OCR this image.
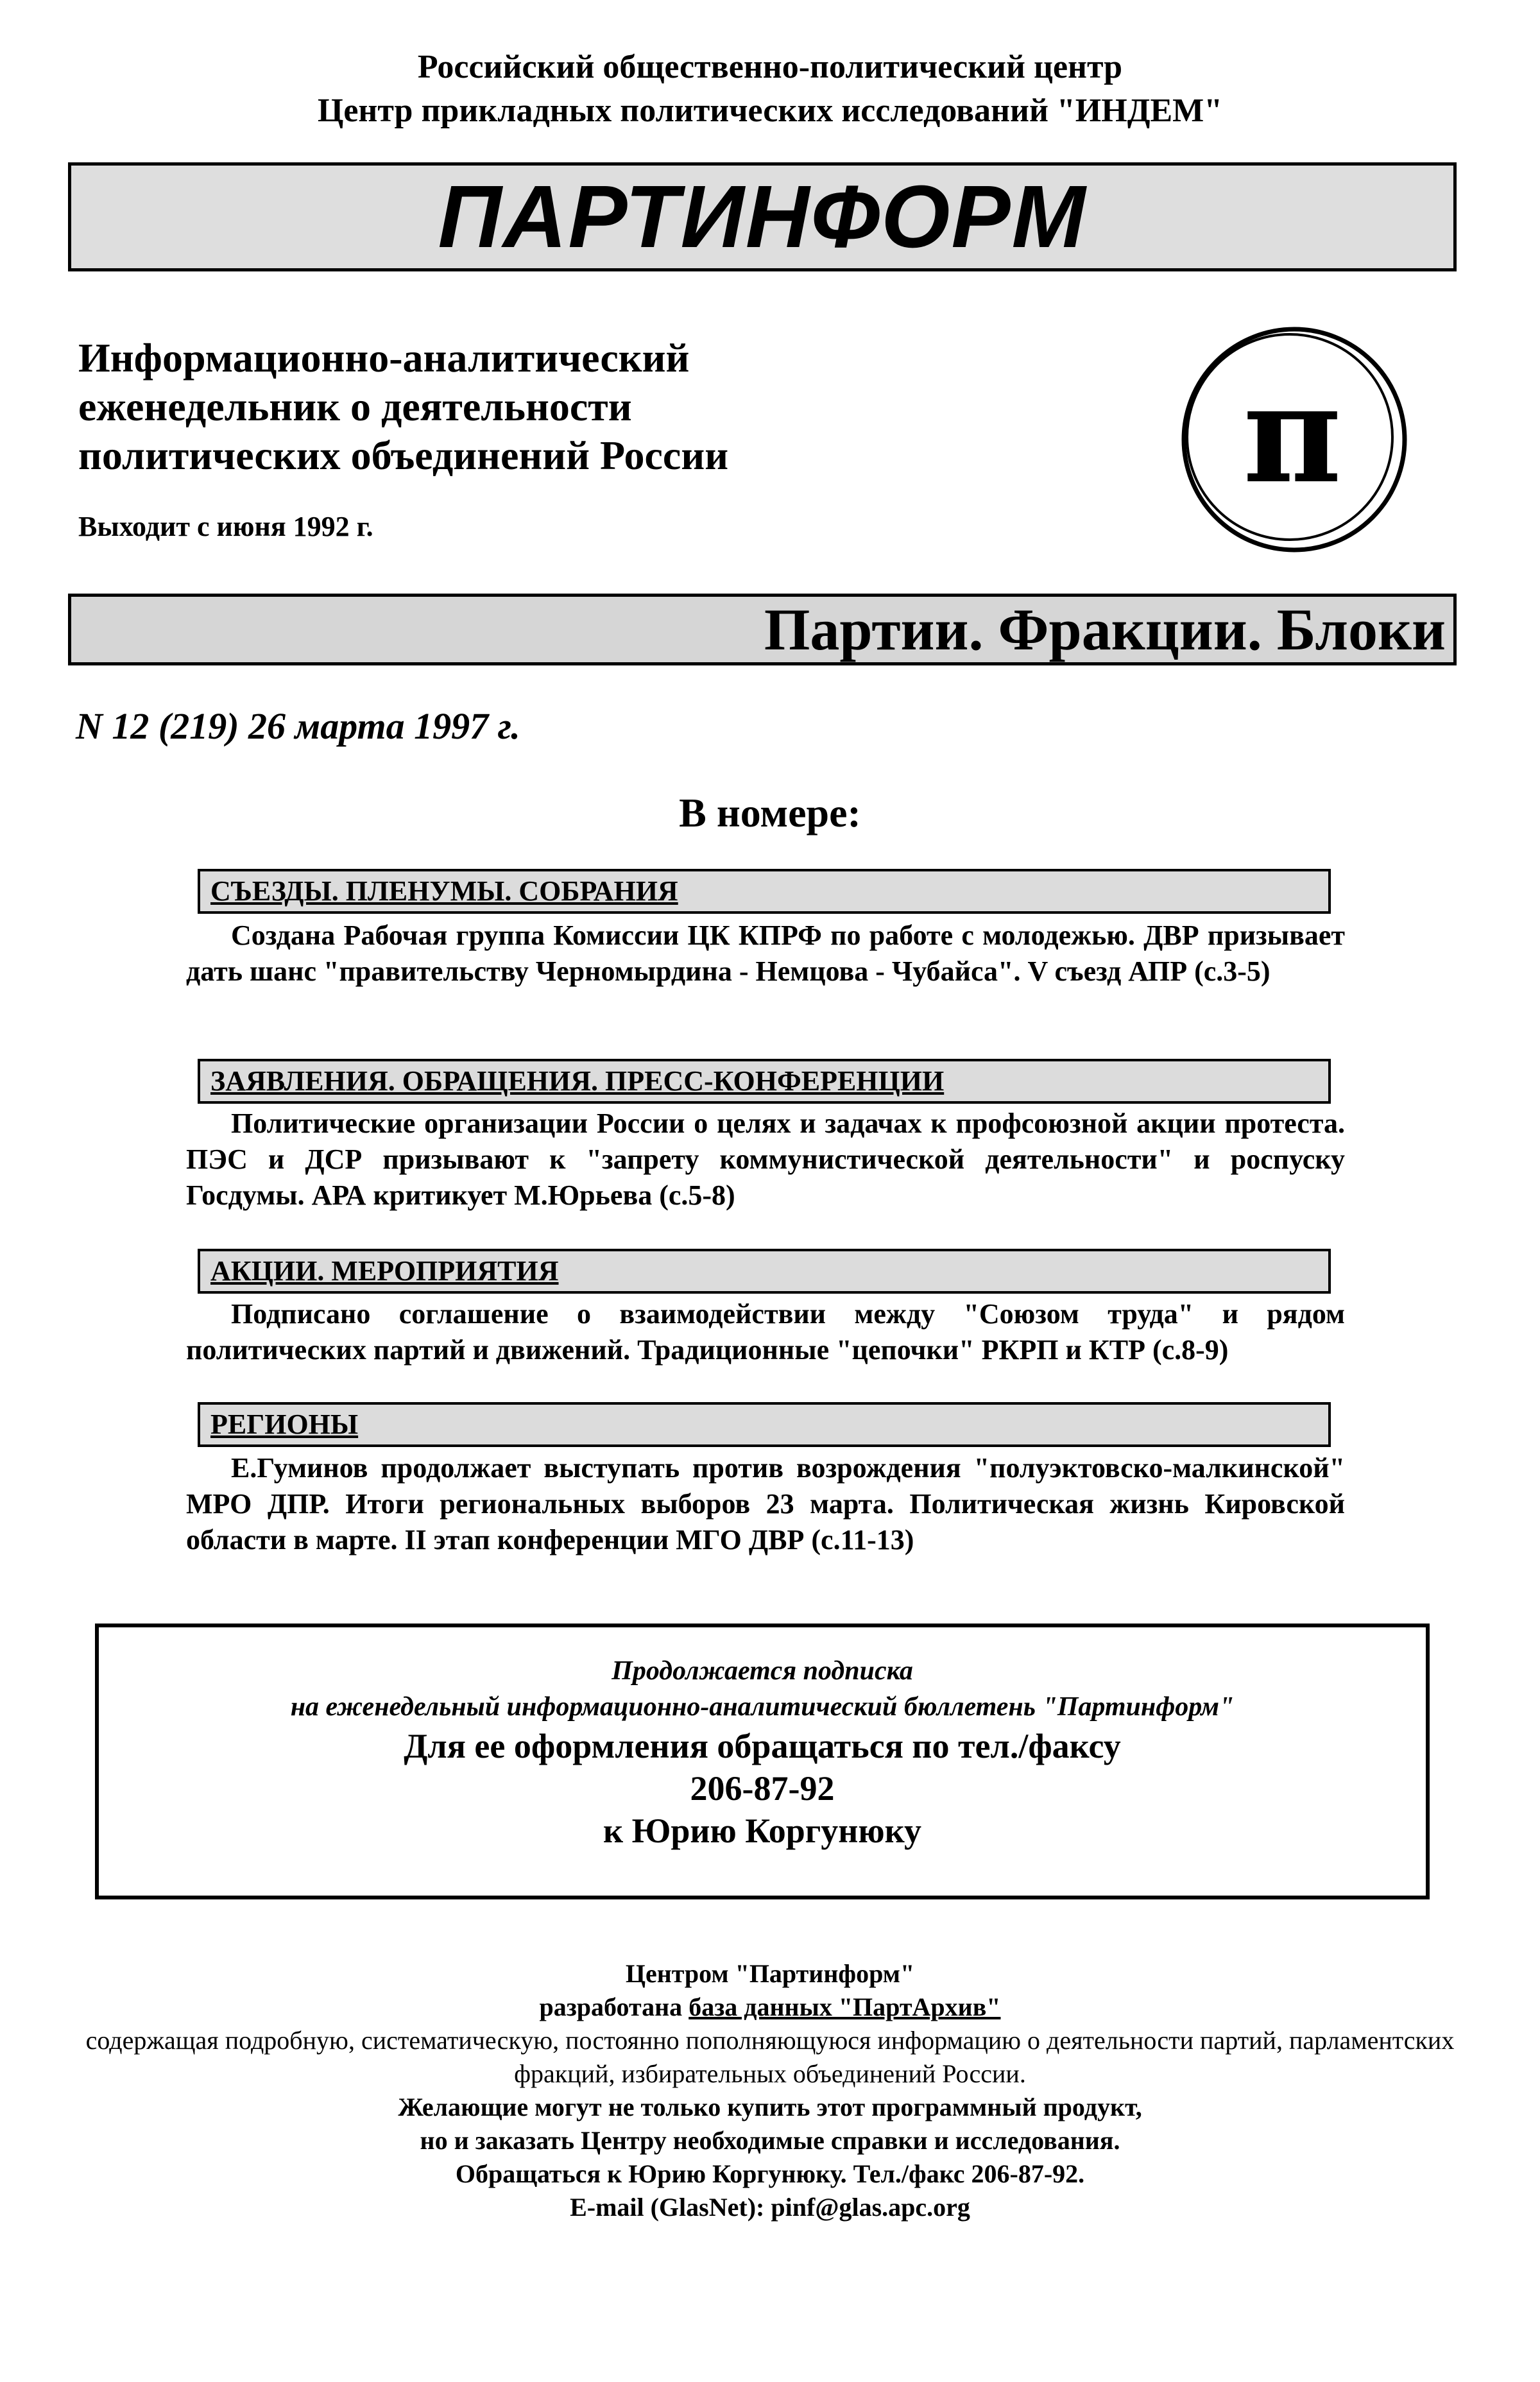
Российский общественно-политический центр
Центр прикладных политических исследований "ИНДЕМ"
ПАРТИНФОРМ
Информационно-аналитический еженедельник о деятельности политических объединений России
Выходит с июня 1992 г.
π
Партии. Фракции. Блоки
N 12 (219) 26 марта 1997 г.
В номере:
СЪЕЗДЫ. ПЛЕНУМЫ. СОБРАНИЯ
Создана Рабочая группа Комиссии ЦК КПРФ по работе с молодежью. ДВР призывает дать шанс "правительству Черномырдина - Немцова - Чубайса". V съезд АПР (с.3-5)
ЗАЯВЛЕНИЯ. ОБРАЩЕНИЯ. ПРЕСС-КОНФЕРЕНЦИИ
Политические организации России о целях и задачах к профсоюзной акции протеста. ПЭС и ДСР призывают к "запрету коммунистической деятельности" и роспуску Госдумы. АРА критикует М.Юрьева (с.5-8)
АКЦИИ. МЕРОПРИЯТИЯ
Подписано соглашение о взаимодействии между "Союзом труда" и рядом политических партий и движений. Традиционные "цепочки" РКРП и КТР (с.8-9)
РЕГИОНЫ
Е.Гуминов продолжает выступать против возрождения "полуэктовско-малкинской" МРО ДПР. Итоги региональных выборов 23 марта. Политическая жизнь Кировской области в марте. II этап конференции МГО ДВР (с.11-13)
Продолжается подписка
на еженедельный информационно-аналитический бюллетень "Партинформ"
Для ее оформления обращаться по тел./факсу
206-87-92
к Юрию Коргунюку
Центром "Партинформ"
разработана база данных "ПартАрхив"
содержащая подробную, систематическую, постоянно пополняющуюся информацию о деятельности партий, парламентских фракций, избирательных объединений России.
Желающие могут не только купить этот программный продукт,
но и заказать Центру необходимые справки и исследования.
Обращаться к Юрию Коргунюку. Тел./факс 206-87-92.
E-mail (GlasNet): pinf@glas.apc.org
